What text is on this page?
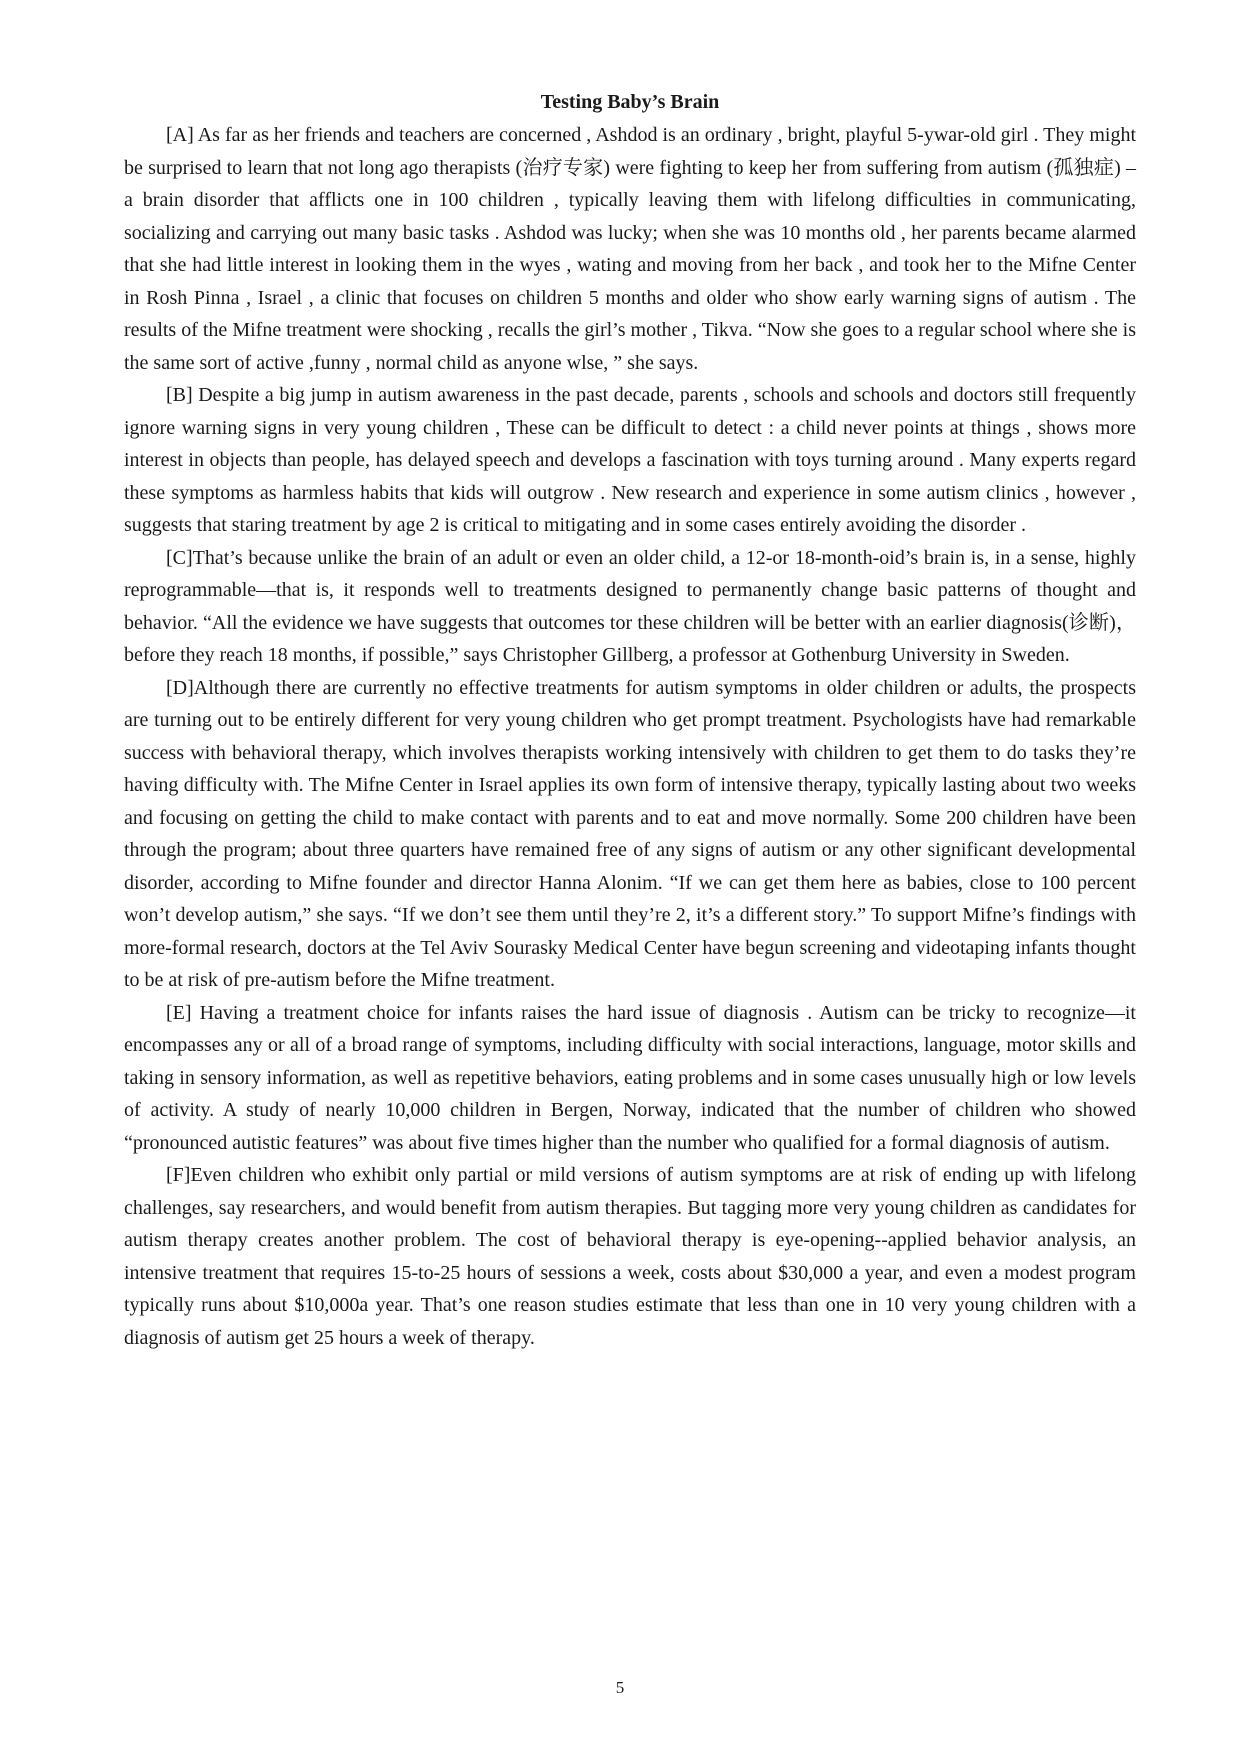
Testing Baby’s Brain

[A] As far as her friends and teachers are concerned , Ashdod is an ordinary , bright, playful 5-ywar-old girl . They might be surprised to learn that not long ago therapists (治疗专家) were fighting to keep her from suffering from autism (孤独症) –a brain disorder that afflicts one in 100 children , typically leaving them with lifelong difficulties in communicating, socializing and carrying out many basic tasks . Ashdod was lucky; when she was 10 months old , her parents became alarmed that she had little interest in looking them in the wyes , wating and moving from her back , and took her to the Mifne Center in Rosh Pinna , Israel , a clinic that focuses on children 5 months and older who show early warning signs of autism . The results of the Mifne treatment were shocking , recalls the girl’s mother , Tikva. “Now she goes to a regular school where she is the same sort of active ,funny , normal child as anyone wlse, ” she says.

[B] Despite a big jump in autism awareness in the past decade, parents , schools and schools and doctors still frequently ignore warning signs in very young children , These can be difficult to detect : a child never points at things , shows more interest in objects than people, has delayed speech and develops a fascination with toys turning around . Many experts regard these symptoms as harmless habits that kids will outgrow . New research and experience in some autism clinics , however , suggests that staring treatment by age 2 is critical to mitigating and in some cases entirely avoiding the disorder .

[C]That’s because unlike the brain of an adult or even an older child, a 12-or 18-month-oid’s brain is, in a sense, highly reprogrammable—that is, it responds well to treatments designed to permanently change basic patterns of thought and behavior. “All the evidence we have suggests that outcomes tor these children will be better with an earlier diagnosis(诊断)， before they reach 18 months, if possible,” says Christopher Gillberg, a professor at Gothenburg University in Sweden.

[D]Although there are currently no effective treatments for autism symptoms in older children or adults, the prospects are turning out to be entirely different for very young children who get prompt treatment. Psychologists have had remarkable success with behavioral therapy, which involves therapists working intensively with children to get them to do tasks they’re having difficulty with. The Mifne Center in Israel applies its own form of intensive therapy, typically lasting about two weeks and focusing on getting the child to make contact with parents and to eat and move normally. Some 200 children have been through the program; about three quarters have remained free of any signs of autism or any other significant developmental disorder, according to Mifne founder and director Hanna Alonim. “If we can get them here as babies, close to 100 percent won’t develop autism,” she says. “If we don’t see them until they’re 2, it’s a different story.” To support Mifne’s findings with more-formal research, doctors at the Tel Aviv Sourasky Medical Center have begun screening and videotaping infants thought to be at risk of pre-autism before the Mifne treatment.

[E] Having a treatment choice for infants raises the hard issue of diagnosis . Autism can be tricky to recognize—it encompasses any or all of a broad range of symptoms, including difficulty with social interactions, language, motor skills and taking in sensory information, as well as repetitive behaviors, eating problems and in some cases unusually high or low levels of activity. A study of nearly 10,000 children in Bergen, Norway, indicated that the number of children who showed “pronounced autistic features” was about five times higher than the number who qualified for a formal diagnosis of autism.

[F]Even children who exhibit only partial or mild versions of autism symptoms are at risk of ending up with lifelong challenges, say researchers, and would benefit from autism therapies. But tagging more very young children as candidates for autism therapy creates another problem. The cost of behavioral therapy is eye-opening--applied behavior analysis, an intensive treatment that requires 15-to-25 hours of sessions a week, costs about $30,000 a year, and even a modest program typically runs about $10,000a year. That’s one reason studies estimate that less than one in 10 very young children with a diagnosis of autism get 25 hours a week of therapy.

5
